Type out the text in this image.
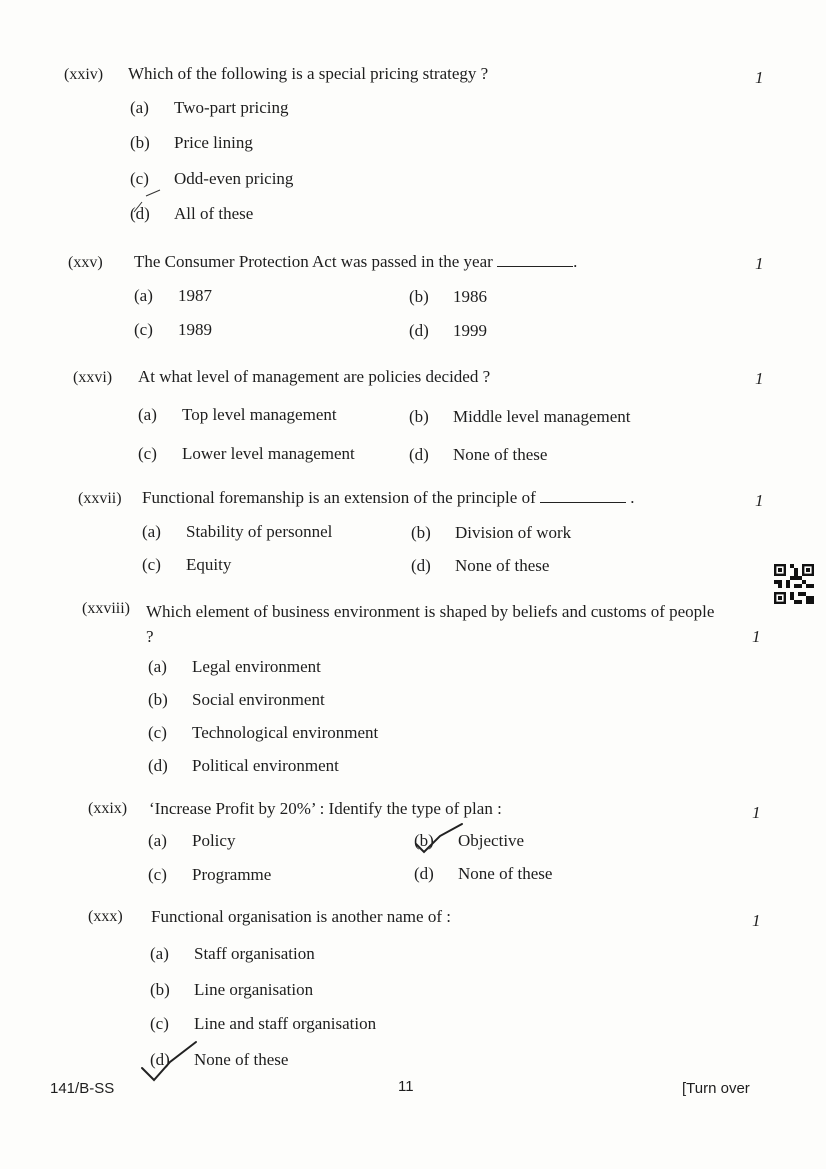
(xxiv) Which of the following is a special pricing strategy ?	1
(a) Two-part pricing
(b) Price lining
(c) Odd-even pricing
(d) All of these
(xxv) The Consumer Protection Act was passed in the year	.	1
(a) 1987	(b) 1986
(c) 1989	(d) 1999
(xxvi) At what level of management are policies decided ?	1
(a) Top level management	(b) Middle level management
(c) Lower level management	(d) None of these
(xxvii) Functional foremanship is an extension of the principle of	.	1
(a) Stability of personnel	(b) Division of work
(c) Equity	(d) None of these
(xxviii) Which element of business environment is shaped by beliefs and customs of people ?	1
(a) Legal environment
(b) Social environment
(c) Technological environment
(d) Political environment
(xxix) ‘Increase Profit by 20%’ : Identify the type of plan :	1
(a) Policy	(b) Objective
(c) Programme	(d) None of these
(xxx) Functional organisation is another name of :	1
(a) Staff organisation
(b) Line organisation
(c) Line and staff organisation
(d) None of these
141/B-SS	11	[Turn over
